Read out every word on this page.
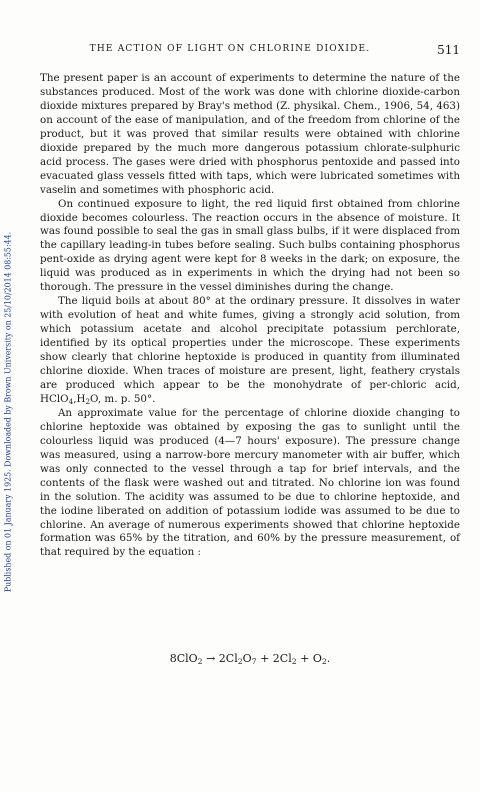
THE ACTION OF LIGHT ON CHLORINE DIOXIDE.	511
Published on 01 January 1925. Downloaded by Brown University on 25/10/2014 08:55:44.

The present paper is an account of experiments to determine the nature of the substances produced. Most of the work was done with chlorine dioxide-carbon dioxide mixtures prepared by Bray's method (Z. physikal. Chem., 1906, 54, 463) on account of the ease of manipulation, and of the freedom from chlorine of the product, but it was proved that similar results were obtained with chlorine dioxide prepared by the much more dangerous potassium chlorate-sulphuric acid process. The gases were dried with phosphorus pentoxide and passed into evacuated glass vessels fitted with taps, which were lubricated sometimes with vaselin and sometimes with phosphoric acid.

On continued exposure to light, the red liquid first obtained from chlorine dioxide becomes colourless. The reaction occurs in the absence of moisture. It was found possible to seal the gas in small glass bulbs, if it were displaced from the capillary leading-in tubes before sealing. Such bulbs containing phosphorus pent-oxide as drying agent were kept for 8 weeks in the dark; on exposure, the liquid was produced as in experiments in which the drying had not been so thorough. The pressure in the vessel diminishes during the change.

The liquid boils at about 80° at the ordinary pressure. It dissolves in water with evolution of heat and white fumes, giving a strongly acid solution, from which potassium acetate and alcohol precipitate potassium perchlorate, identified by its optical properties under the microscope. These experiments show clearly that chlorine heptoxide is produced in quantity from illuminated chlorine dioxide. When traces of moisture are present, light, feathery crystals are produced which appear to be the monohydrate of per-chloric acid, $HClO_4,H_2O$, m. p. 50°.

An approximate value for the percentage of chlorine dioxide changing to chlorine heptoxide was obtained by exposing the gas to sunlight until the colourless liquid was produced (4—7 hours' exposure). The pressure change was measured, using a narrow-bore mercury manometer with air buffer, which was only connected to the vessel through a tap for brief intervals, and the contents of the flask were washed out and titrated. No chlorine ion was found in the solution. The acidity was assumed to be due to chlorine heptoxide, and the iodine liberated on addition of potassium iodide was assumed to be due to chlorine. An average of numerous experiments showed that chlorine heptoxide formation was 65% by the titration, and 60% by the pressure measurement, of that required by the equation :

$8ClO_2 \to 2Cl_2O_7 + 2Cl_2 + O_2$.
